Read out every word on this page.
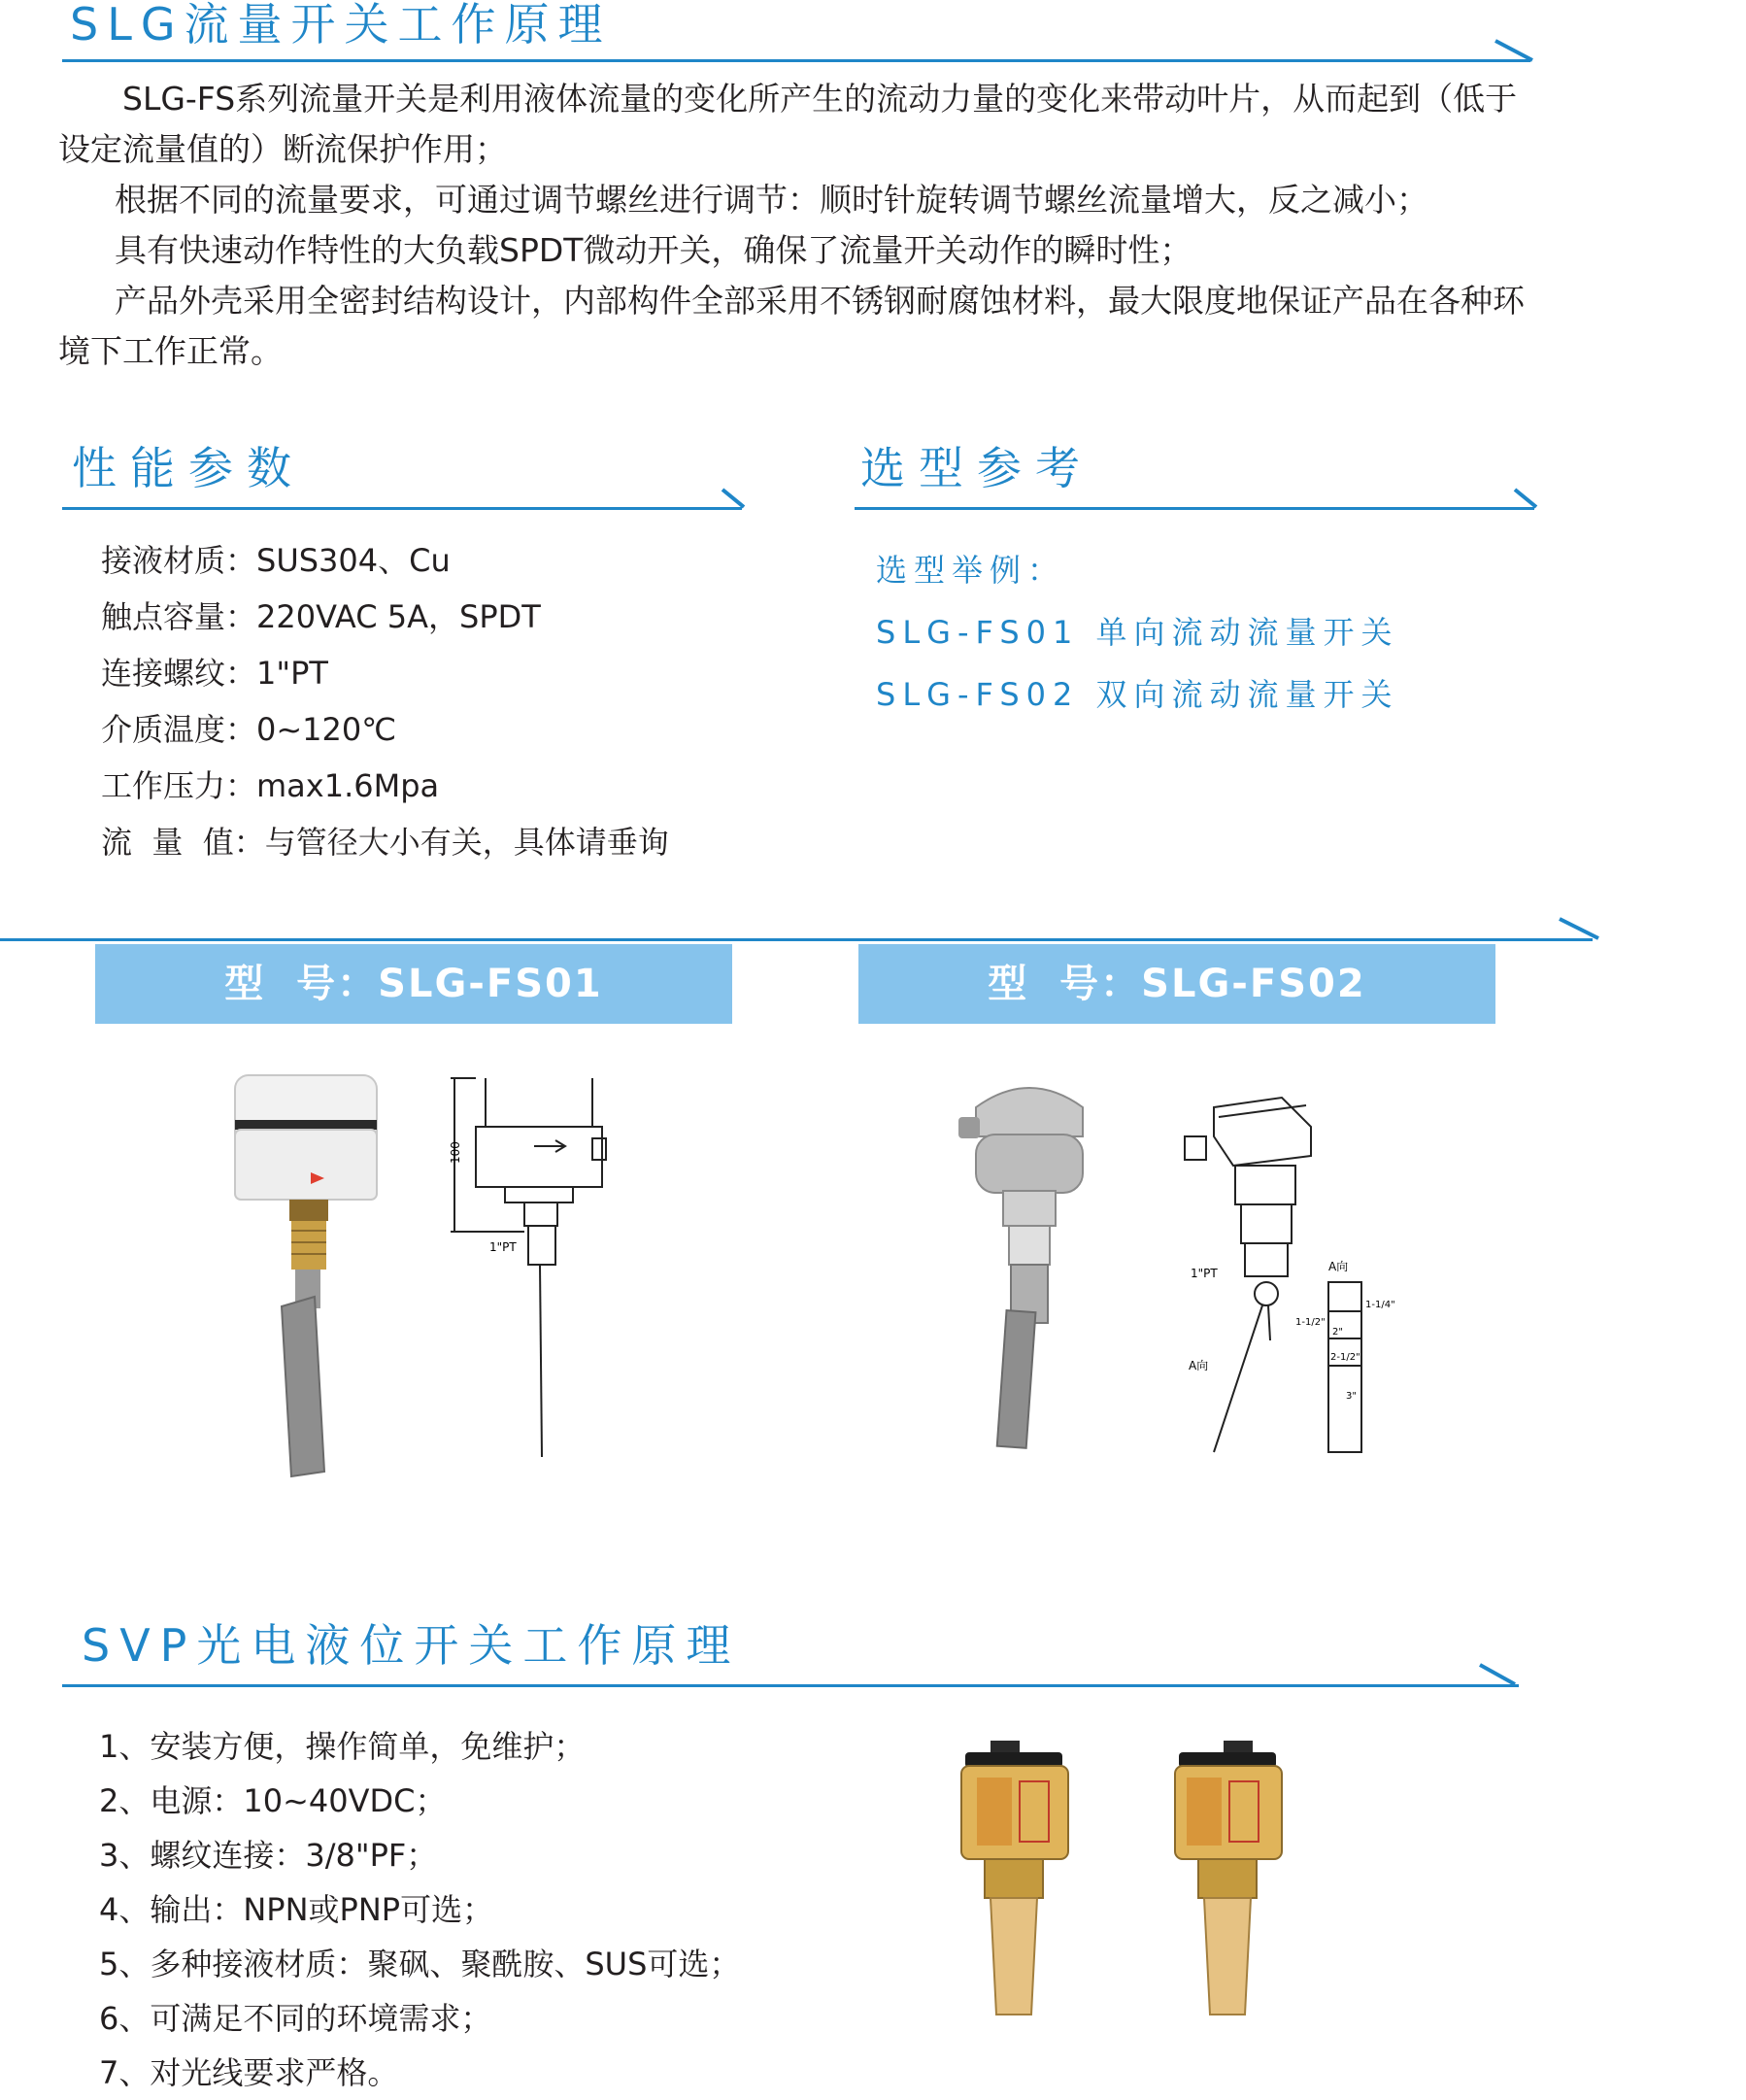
SLG流量开关工作原理

SLG-FS系列流量开关是利用液体流量的变化所产生的流动力量的变化来带动叶片，从而起到（低于设定流量值的）断流保护作用；

根据不同的流量要求，可通过调节螺丝进行调节：顺时针旋转调节螺丝流量增大，反之减小；

具有快速动作特性的大负载SPDT微动开关，确保了流量开关动作的瞬时性；

产品外壳采用全密封结构设计，内部构件全部采用不锈钢耐腐蚀材料，最大限度地保证产品在各种环境下工作正常。

性能参数
接液材质：SUS304、Cu
触点容量：220VAC 5A，SPDT
连接螺纹：1"PT
介质温度：0~120℃
工作压力：max1.6Mpa
流  量  值：与管径大小有关，具体请垂询
选型参考
选型举例：
SLG-FS01 单向流动流量开关
SLG-FS02 双向流动流量开关
型  号：SLG-FS01	型  号：SLG-FS02
100
1"PT
1"PT	A向
A向
1-1/4"
1-1/2"
2"
2-1/2"
3"
SVP光电液位开关工作原理
1、安装方便，操作简单，免维护；
2、电源：10~40VDC；
3、螺纹连接：3/8"PF；
4、输出：NPN或PNP可选；
5、多种接液材质：聚砜、聚酰胺、SUS可选；
6、可满足不同的环境需求；
7、对光线要求严格。
